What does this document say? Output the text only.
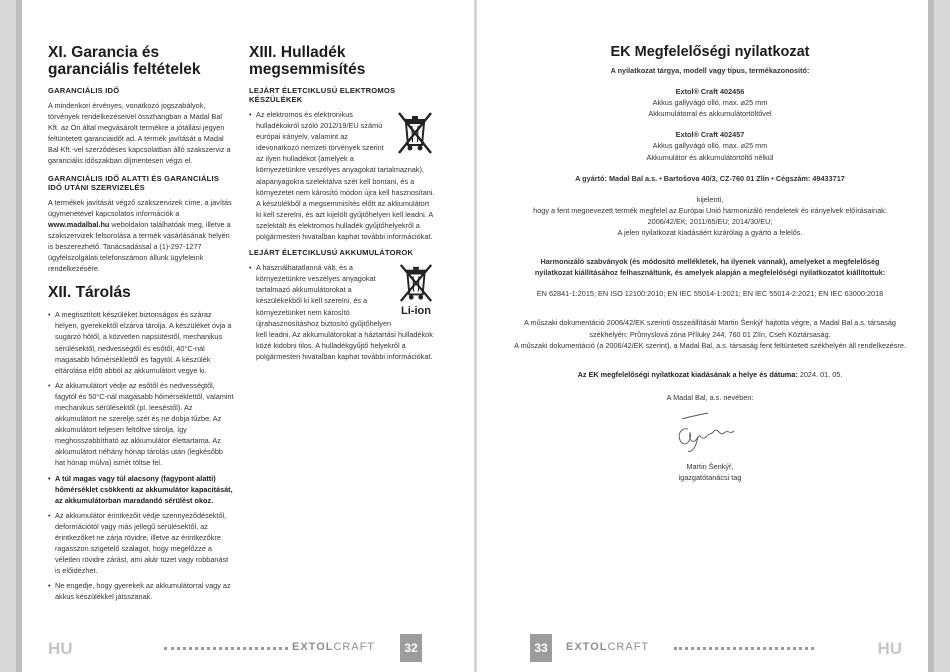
XI. Garancia és garanciális feltételek
GARANCIÁLIS IDŐ

A mindenkori érvényes, vonatkozó jogszabályok, törvények rendelkezéseivel összhangban a Madal Bal Kft. az Ön által megvásárolt termékre a jótállási jegyen feltüntetett garanciaidőt ad. A termék javítását a Madal Bal Kft.-vel szerződéses kapcsolatban álló szakszerviz a garanciális időszakban díjmentesen végzi el.

GARANCIÁLIS IDŐ ALATTI ÉS GARANCIÁLIS IDŐ UTÁNI SZERVIZELÉS

A termékek javítását végző szakszervizek címe, a javítás ügymenetével kapcsolatos információk a www.madalbal.hu weboldalon találhatóak meg, illetve a szakszervizek felsorolása a termék vásárlásának helyén is beszerezhető. Tanácsadással a (1)-297-1277 ügyfélszolgálati telefonszámon állunk ügyfeleink rendelkezésére.

XII. Tárolás
• A megtisztított készüléket biztonságos és száraz helyen, gyerekektől elzárva tárolja. A készüléket óvja a sugárzó hőtől, a közvetlen napsütéstől, mechanikus sérülésektől, nedvességtől és esőtől, 40°C-nál magasabb hőmérséklettől és fagytól. A készülék eltárolása előtt abból az akkumulátort vegye ki.
• Az akkumulátort védje az esőtől és nedvességtől, fagytól és 50°C-nál magasabb hőmérséklettől, valamint mechanikus sérülésektől (pl. leeséstől). Az akkumulátort ne szerelje szét és ne dobja tűzbe. Az akkumulátort teljesen feltöltve tárolja, így meghosszabbítható az akkumulátor élettartama. Az akkumulátort néhány hónap tárolás után (legkésőbb hat hónap múlva) ismét töltse fel.
• A túl magas vagy túl alacsony (fagypont alatti) hőmérséklet csökkenti az akkumulátor kapacitását, az akkumulátorban maradandó sérülést okoz.
• Az akkumulátor érintkezőit védje szennyeződésektől, deformációtól vagy más jellegű sérülésektől, az érintkezőket ne zárja rövidre, illetve az érintkezőkre ragasszon szigetelő szalagot, hogy megelőzze a véletlen rövidre zárást, ami akár tüzet vagy robbanást is előidézhet.
• Ne engedje, hogy gyerekek az akkumulátorral vagy az akkus készülékkel játsszanak.
XIII. Hulladék megsemmisítés
LEJÁRT ÉLETCIKLUSÚ ELEKTROMOS KÉSZÜLÉKEK
• Az elektromos és elektronikus hulladékokról szóló 2012/19/EU számú európai irányelv, valamint az idevonatkozó nemzeti törvények szerint az ilyen hulladékot (amelyek a környezetünkre veszélyes anyagokat tartalmaznak), alapanyagokra szelektálva szét kell bontani, és a környezetet nem károsító módon újra kell hasznosítani. A készülékből a megsemmisítés előtt az akkumulátort ki kell szerelni, és azt kijelölt gyűjtőhelyen kell leadni. A szelektált és elektromos hulladék gyűjtőhelyekről a polgármesteri hivatalban kaphat további információkat.
LEJÁRT ÉLETCIKLUSÚ AKKUMULÁTOROK
• Li-ion
A használhatatlanná vált, és a környezetünkre veszélyes anyagokat tartalmazó akkumulátorokat a készülékekből ki kell szerelni, és a környezetünket nem károsító újrahasznosításhoz biztosító gyűjtőhelyen kell leadni. Az akkumulátorokat a háztartási hulladékok közé kidobni tilos. A hulladékgyűjtő helyekről a polgármesteri hivatalban kaphat további információkat.
EK Megfelelőségi nyilatkozat

A nyilatkozat tárgya, modell vagy típus, termékazonosító:

Extol® Craft 402456

Akkus gallyvágó olló, max. ⌀25 mm

Akkumulátorral és akkumulátortöltővel

Extol® Craft 402457

Akkus gallyvágó olló, max. ⌀25 mm

Akkumulátor és akkumulátortöltő nélkül

A gyártó: Madal Bal a.s. • Bartošova 40/3, CZ-760 01 Zlín • Cégszám: 49433717

kijelenti,

hogy a fent megnevezett termék megfelel az Európai Unió harmonizáló rendeletek és irányelvek előírásainak:

2006/42/EK; 2011/65/EU; 2014/30/EU;

A jelen nyilatkozat kiadásáért kizárólag a gyártó a felelős.

Harmonizáló szabványok (és módosító mellékletek, ha ilyenek vannak), amelyeket a megfelelőség

nyilatkozat kiállításához felhasználtunk, és amelyek alapján a megfelelőségi nyilatkozatot kiállítottuk:

EN 62841-1:2015; EN ISO 12100:2010; EN IEC 55014-1:2021; EN IEC 55014-2:2021; EN IEC 63000:2018

A műszaki dokumentáció 2006/42/EK szerinti összeállítását Martin Šenkýř hajtotta végre, a Madal Bal a.s. társaság

székhelyén: Průmyslová zóna Příluky 244, 760 01 Zlín, Cseh Köztársaság.

A műszaki dokumentáció (a 2006/42/EK szerint), a Madal Bal, a.s. társaság fent feltüntetett székhelyén áll rendelkezésre.

Az EK megfelelőségi nyilatkozat kiadásának a helye és dátuma: 2024. 01. 05.

A Madal Bal, a.s. nevében:

Martin Šenkýř,

igazgatótanácsi tag

HU	EXTOLCRAFT	32	33	EXTOLCRAFT	HU
